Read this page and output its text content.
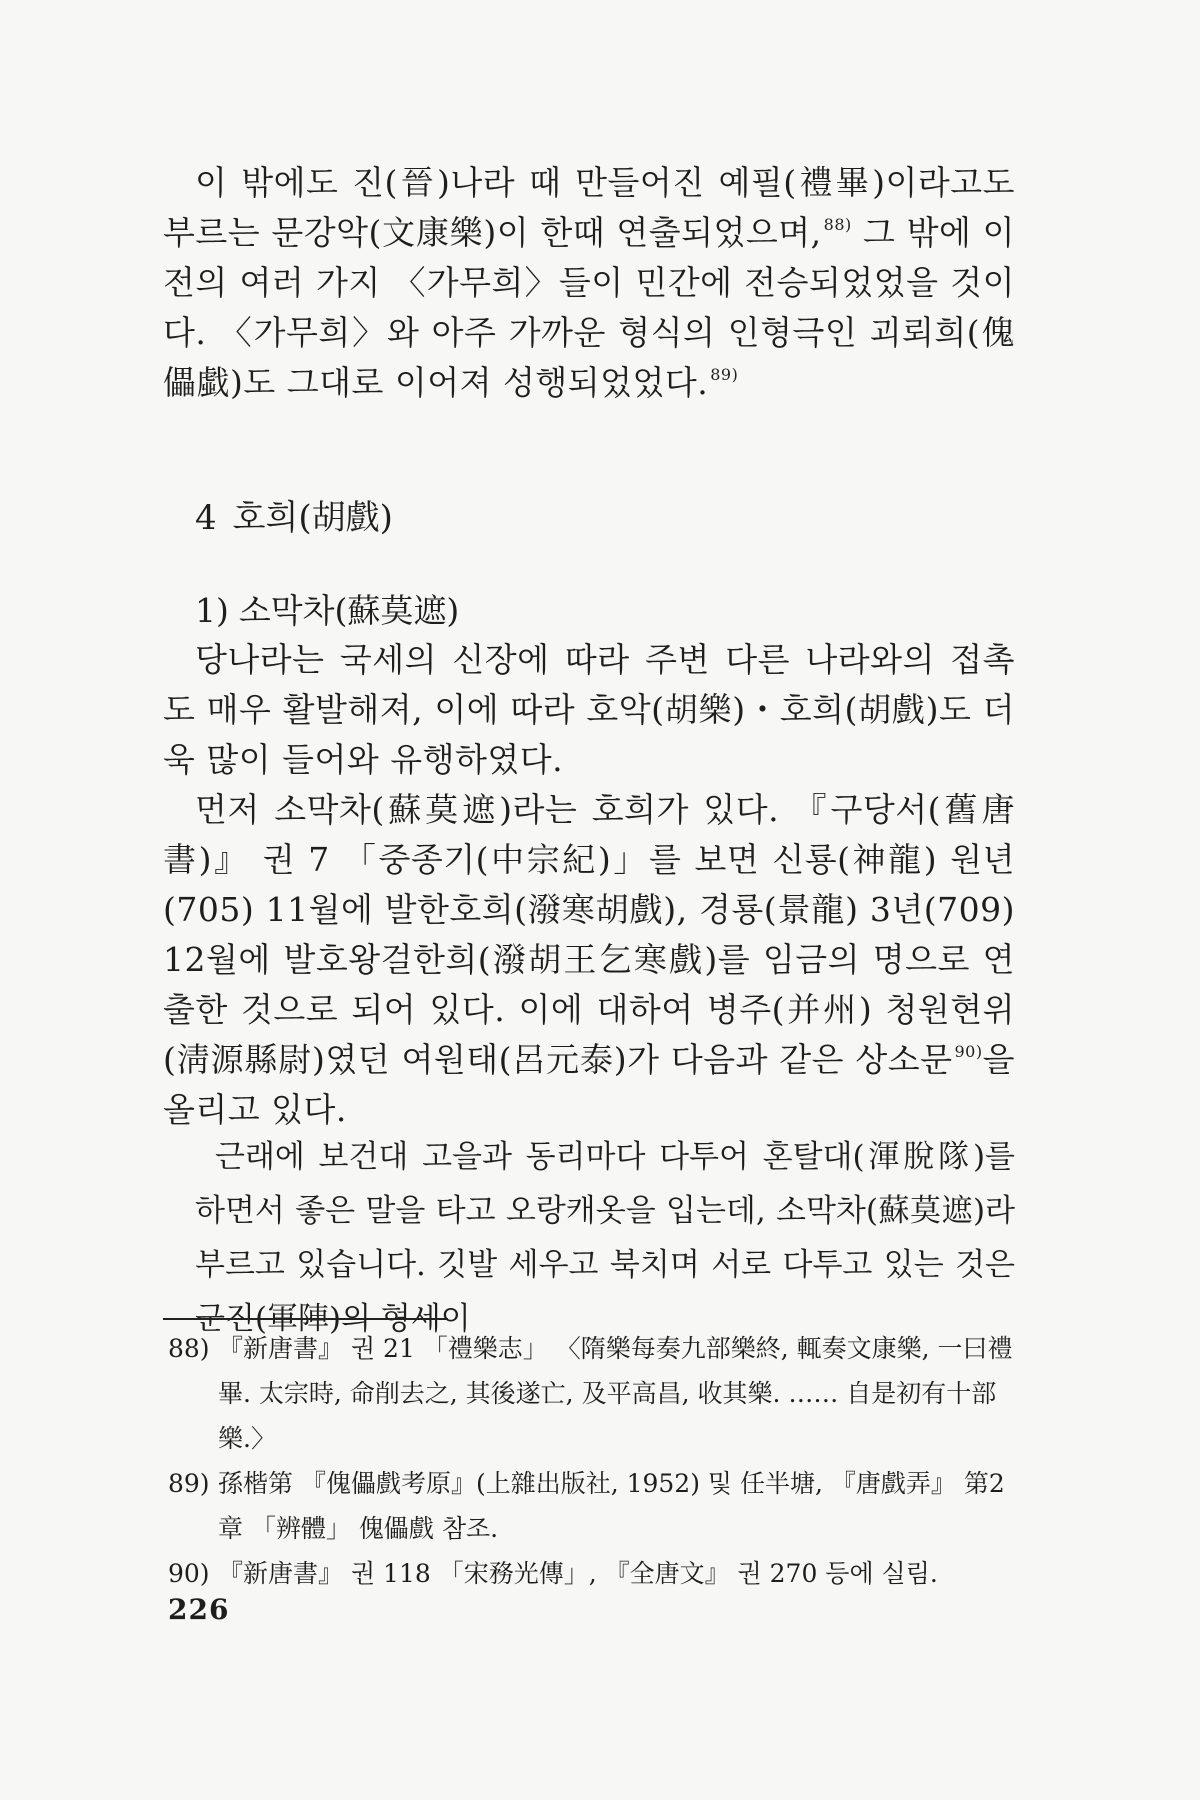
이 밖에도 진(晉)나라 때 만들어진 예필(禮畢)이라고도 부르는 문강악(文康樂)이 한때 연출되었으며, $^{88)}$ 그 밖에 이전의 여러 가지 〈가무희〉들이 민간에 전승되었었을 것이다. 〈가무희〉와 아주 가까운 형식의 인형극인 괴뢰희(傀儡戱)도 그대로 이어져 성행되었었다. $^{89)}$

4 호희(胡戲)
1) 소막차(蘇莫遮)

당나라는 국세의 신장에 따라 주변 다른 나라와의 접촉도 매우 활발해져, 이에 따라 호악(胡樂)・호희(胡戲)도 더욱 많이 들어와 유행하였다.

먼저 소막차(蘇莫遮)라는 호희가 있다. 『구당서(舊唐書)』 권 7 「중종기(中宗紀)」를 보면 신룡(神龍) 원년(705) 11월에 발한호희(潑寒胡戲), 경룡(景龍) 3년(709) 12월에 발호왕걸한희(潑胡王乞寒戲)를 임금의 명으로 연출한 것으로 되어 있다. 이에 대하여 병주(并州) 청원현위(淸源縣尉)였던 여원태(呂元泰)가 다음과 같은 상소문 $^{90)}$을 올리고 있다.

근래에 보건대 고을과 동리마다 다투어 혼탈대(渾脫隊)를 하면서 좋은 말을 타고 오랑캐옷을 입는데, 소막차(蘇莫遮)라 부르고 있습니다. 깃발 세우고 북치며 서로 다투고 있는 것은 군진(軍陣)의 형세이

88) 『新唐書』 권 21 「禮樂志」 〈隋樂每奏九部樂終, 輒奏文康樂, 一曰禮畢. 太宗時, 命削去之, 其後遂亡, 及平高昌, 收其樂. …… 自是初有十部樂.〉
89) 孫楷第 『傀儡戲考原』(上雜出版社, 1952) 및 任半塘, 『唐戲弄』 第2章 「辨體」 傀儡戲 참조.
90) 『新唐書』 권 118 「宋務光傳」, 『全唐文』 권 270 등에 실림.
226
